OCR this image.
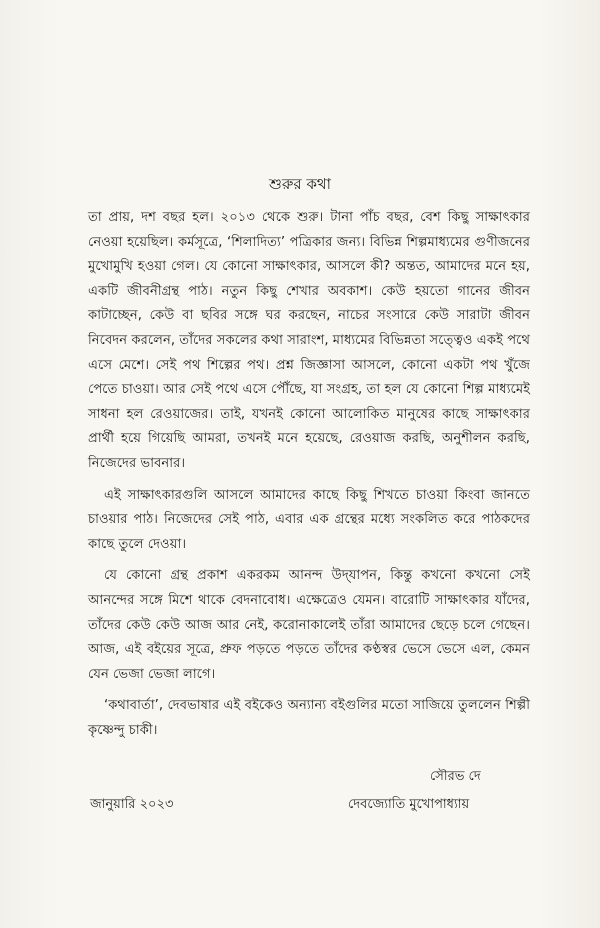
শুরুর কথা

তা প্রায়, দশ বছর হল। ২০১৩ থেকে শুরু। টানা পাঁচ বছর, বেশ কিছু সাক্ষাৎকার নেওয়া হয়েছিল। কর্মসূত্রে, ‘শিলাদিত্য’ পত্রিকার জন্য। বিভিন্ন শিল্পমাধ্যমের গুণীজনের মুখোমুখি হওয়া গেল। যে কোনো সাক্ষাৎকার, আসলে কী? অন্তত, আমাদের মনে হয়, একটি জীবনীগ্রন্থ পাঠ। নতুন কিছু শেখার অবকাশ। কেউ হয়তো গানের জীবন কাটাচ্ছেন, কেউ বা ছবির সঙ্গে ঘর করছেন, নাচের সংসারে কেউ সারাটা জীবন নিবেদন করলেন, তাঁদের সকলের কথা সারাংশ, মাধ্যমের বিভিন্নতা সত্ত্বেও একই পথে এসে মেশে। সেই পথ শিল্পের পথ। প্রশ্ন জিজ্ঞাসা আসলে, কোনো একটা পথ খুঁজে পেতে চাওয়া। আর সেই পথে এসে পৌঁছে, যা সংগ্রহ, তা হল যে কোনো শিল্প মাধ্যমেই সাধনা হল রেওয়াজের। তাই, যখনই কোনো আলোকিত মানুষের কাছে সাক্ষাৎকার প্রার্থী হয়ে গিয়েছি আমরা, তখনই মনে হয়েছে, রেওয়াজ করছি, অনুশীলন করছি, নিজেদের ভাবনার।

এই সাক্ষাৎকারগুলি আসলে আমাদের কাছে কিছু শিখতে চাওয়া কিংবা জানতে চাওয়ার পাঠ। নিজেদের সেই পাঠ, এবার এক গ্রন্থের মধ্যে সংকলিত করে পাঠকদের কাছে তুলে দেওয়া।

যে কোনো গ্রন্থ প্রকাশ একরকম আনন্দ উদ্‌যাপন, কিন্তু কখনো কখনো সেই আনন্দের সঙ্গে মিশে থাকে বেদনাবোধ। এক্ষেত্রেও যেমন। বারোটি সাক্ষাৎকার যাঁদের, তাঁদের কেউ কেউ আজ আর নেই, করোনাকালেই তাঁরা আমাদের ছেড়ে চলে গেছেন। আজ, এই বইয়ের সূত্রে, প্রুফ পড়তে পড়তে তাঁদের কণ্ঠস্বর ভেসে ভেসে এল, কেমন যেন ভেজা ভেজা লাগে।

‘কথাবার্তা’, দেবভাষার এই বইকেও অন্যান্য বইগুলির মতো সাজিয়ে তুললেন শিল্পী কৃষ্ণেন্দু চাকী।

সৌরভ দে
দেবজ্যোতি মুখোপাধ্যায়
জানুয়ারি ২০২৩
